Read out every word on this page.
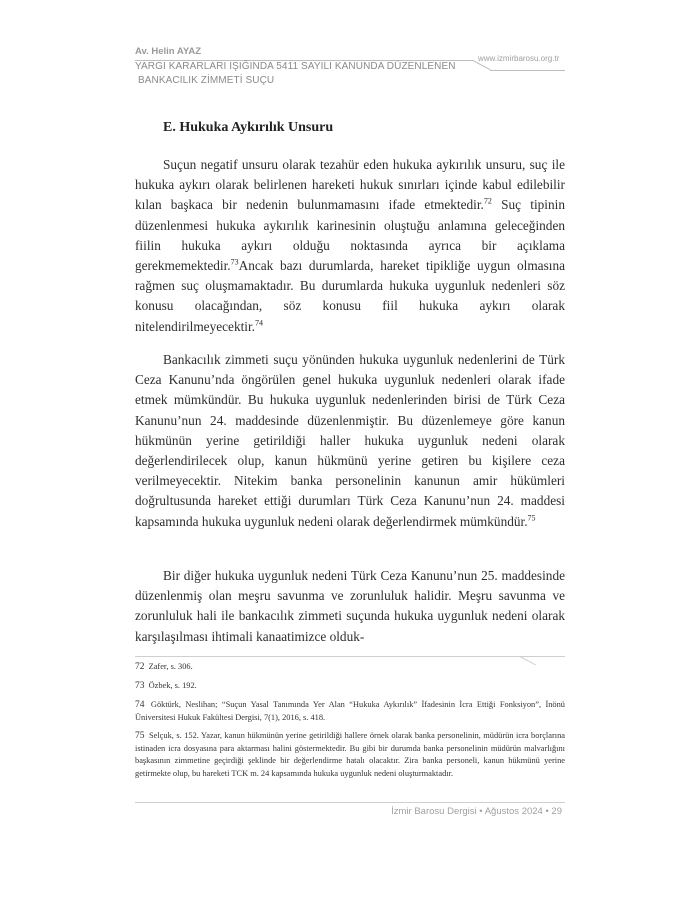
Av. Helin AYAZ
YARGI KARARLARI IŞIĞINDA 5411 SAYILI KANUNDA DÜZENLENEN
BANKACILIK ZİMMETİ SUÇU
www.izmirbarosu.org.tr
E. Hukuka Aykırılık Unsuru
Suçun negatif unsuru olarak tezahür eden hukuka aykırılık unsuru, suç ile hukuka aykırı olarak belirlenen hareketi hukuk sınırları içinde kabul edilebilir kılan başkaca bir nedenin bulunmamasını ifade etmektedir.$^{72}$ Suç tipinin düzenlenmesi hukuka aykırılık karinesinin oluştuğu anlamına geleceğinden fiilin hukuka aykırı olduğu noktasında ayrıca bir açıklama gerekmemektedir.$^{73}$Ancak bazı durumlarda, hareket tipikliğe uygun olmasına rağmen suç oluşmamaktadır. Bu durumlarda hukuka uygunluk nedenleri söz konusu olacağından, söz konusu fiil hukuka aykırı olarak nitelendirilmeyecektir.$^{74}$
Bankacılık zimmeti suçu yönünden hukuka uygunluk nedenlerini de Türk Ceza Kanunu’nda öngörülen genel hukuka uygunluk nedenleri olarak ifade etmek mümkündür. Bu hukuka uygunluk nedenlerinden birisi de Türk Ceza Kanunu’nun 24. maddesinde düzenlenmiştir. Bu düzenlemeye göre kanun hükmünün yerine getirildiği haller hukuka uygunluk nedeni olarak değerlendirilecek olup, kanun hükmünü yerine getiren bu kişilere ceza verilmeyecektir. Nitekim banka personelinin kanunun amir hükümleri doğrultusunda hareket ettiği durumları Türk Ceza Kanunu’nun 24. maddesi kapsamında hukuka uygunluk nedeni olarak değerlendirmek mümkündür.$^{75}$
Bir diğer hukuka uygunluk nedeni Türk Ceza Kanunu’nun 25. maddesinde düzenlenmiş olan meşru savunma ve zorunluluk halidir. Meşru savunma ve zorunluluk hali ile bankacılık zimmeti suçunda hukuka uygunluk nedeni olarak karşılaşılması ihtimali kanaatimizce olduk-
72 Zafer, s. 306.
73 Özbek, s. 192.
74 Göktürk, Neslihan; “Suçun Yasal Tanımında Yer Alan “Hukuka Aykırılık” İfadesinin İcra Ettiği Fonksiyon”, İnönü Üniversitesi Hukuk Fakültesi Dergisi, 7(1), 2016, s. 418.
75 Selçuk, s. 152. Yazar, kanun hükmünün yerine getirildiği hallere örnek olarak banka personelinin, müdürün icra borçlarına istinaden icra dosyasına para aktarması halini göstermektedir. Bu gibi bir durumda banka personelinin müdürün malvarlığını başkasının zimmetine geçirdiği şeklinde bir değerlendirme hatalı olacaktır. Zira banka personeli, kanun hükmünü yerine getirmekte olup, bu hareketi TCK m. 24 kapsamında hukuka uygunluk nedeni oluşturmaktadır.
İzmir Barosu Dergisi • Ağustos 2024 • 29
